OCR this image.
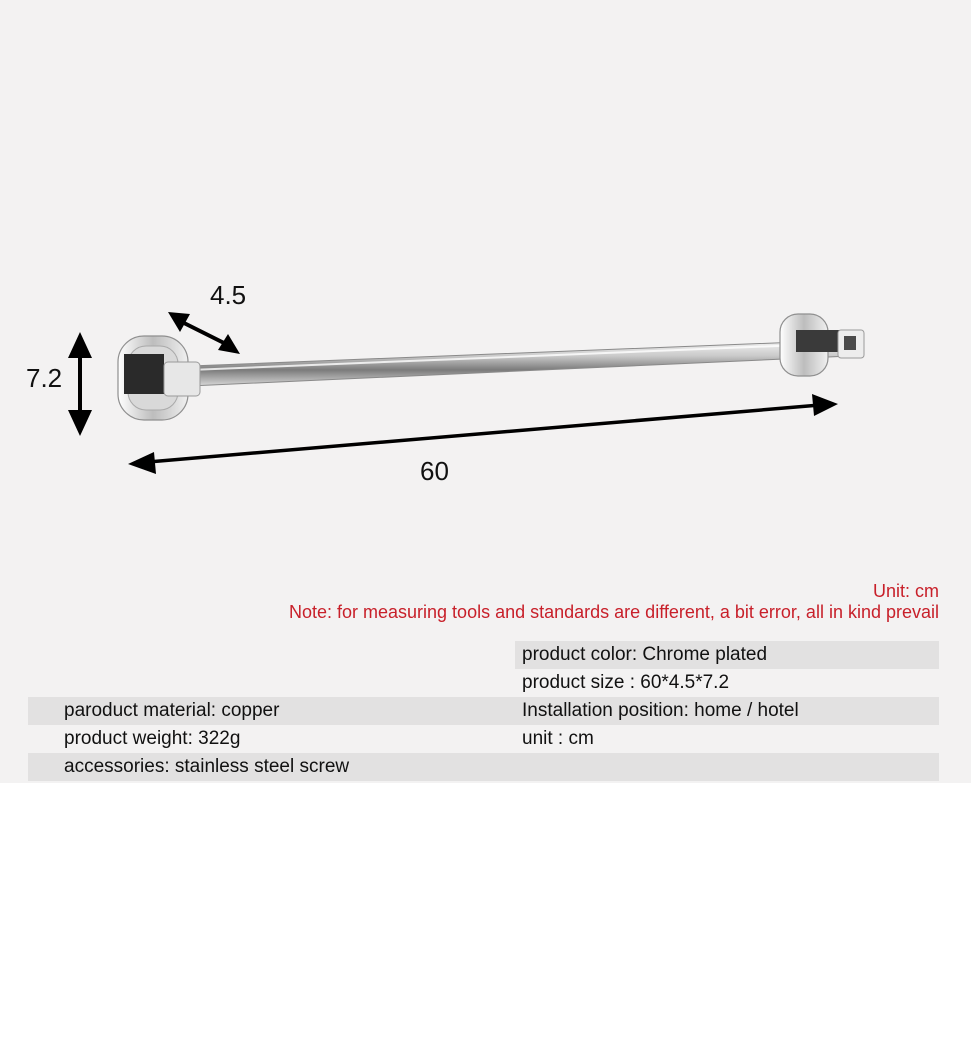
4.5
7.2
60
Unit: cm
Note: for measuring tools and standards are different, a bit error, all in kind prevail
product color: Chrome plated
product size : 60*4.5*7.2
paroduct material: copper	Installation position: home / hotel
product weight: 322g	unit : cm
accessories: stainless steel screw
